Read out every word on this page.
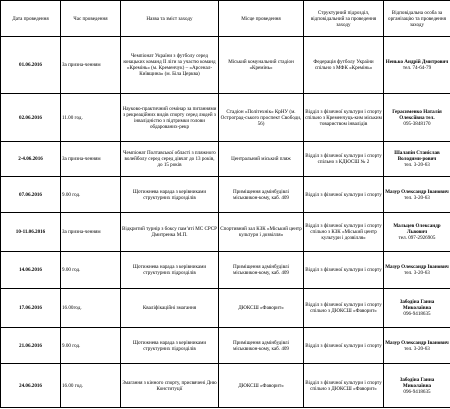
Дата проведення	Час проведення	Назва та зміст заходу	Місце проведення	Структурний підрозділ, відповідальний за проведення заходу	Відповідальна особа за організацію та проведення заходу
01.06.2016	За призна-ченням	Чемпіонат України з футболу серед юнацьких команд ІІ ліги за участю команд «Кремінь» (м. Кременчук) – «Арсенал-Київщина» (м. Біла Церква)	Міський комунальний стадіон «Кремінь»	Федерація футболу України спільно з МФК «Кремінь»	Ненько Андрій Дмитрович
тел. 74-64-79

02.06.2016	11.00 год.	Науково-практичний семінар за питаннями з рекреаційних видів спорту серед людей з інвалідністю з підтримки голови обдарованих-рекр	Стадіон «Політехнік» КрНУ (м. Остроград-ського проспект Свободи, 56)	Відділ з фізичної культури і спорту спільно з Кременчуць-ким міським товариством інвалідів	Герасименко Наталія Олексіївна тел.
095-3848170

2-4.06.2016	За призна-ченням	Чемпіонат Полтавської області з пляжного волейболу серед серед дівчат до 13 років, до 15 років	Центральний міський пляж	Відділ з фізичної культури і спорту спільно з КДЮСШ № 2	Шалапін Станіслав Володими-рович
тел. 3-20-63

07.06.2016	9.00 год.	Щотижнева нарада з керівниками структурних підрозділів	Приміщення адмінбудівлі міськвикон-кому, каб. 409	Відділ з фізичної культури і спорту	Мазур Олександр Іванович
тел. 3-20-63

10-11.06.2016	За призна-ченням	Відкритий турнір з боксу пам’яті МС СРСР Дмитренка М.П.	Спортивний зал КЗК «Міський центр культури і дозвілля»	Відділ з фізичної культури і спорту спільно з КЗК «Міський центр культури і дозвілля»	Мальцев Олександр Львович
тел. 097-2926905

14.06.2016	9.00 год.	Щотижнева нарада з керівниками структурних підрозділів	Приміщення адмінбудівлі міськвикон-кому, каб. 409	Відділ з фізичної культури і спорту	Мазур Олександр Іванович
тел. 3-20-63

17.06.2016	16.00год.	Кваліфікаційні змагання	ДЮКСШ «Фаворит»	Відділ з фізичної культури і спорту спільно з ДЮКСШ «Фаворит»	Забодіна Ганна Миколаївна
096-9418635

21.06.2016	9.00 год.	Щотижнева нарада з керівниками структурних підрозділів	Приміщення адмінбудівлі міськвикон-кому, каб. 409	Відділ з фізичної культури і спорту	Мазур Олександр Іванович
тел. 3-20-63

24.06.2016	16.00 год.	Змагання з кінного спорту, присвячені Дню Конституції	ДЮКСШ «Фаворит»	Відділ з фізичної культури і спорту спільно з ДЮКСШ «Фаворит»	Забодіна Ганна Миколаївна
096-9418635
